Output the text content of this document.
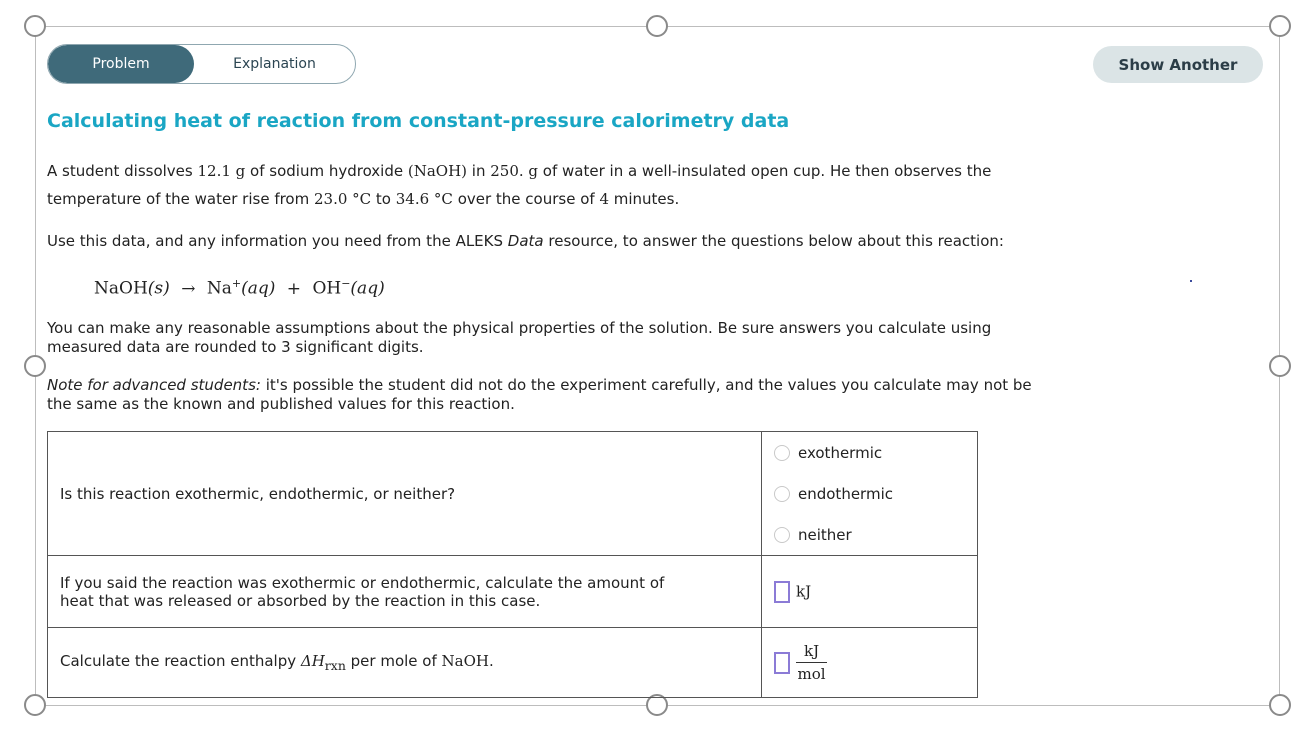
Problem	Explanation	Show Another
Calculating heat of reaction from constant-pressure calorimetry data
A student dissolves 12.1 g of sodium hydroxide (NaOH) in 250. g of water in a well-insulated open cup. He then observes the
temperature of the water rise from 23.0 °C to 34.6 °C over the course of 4 minutes.
Use this data, and any information you need from the ALEKS Data resource, to answer the questions below about this reaction:
NaOH(s) → Na+(aq) + OH−(aq)
You can make any reasonable assumptions about the physical properties of the solution. Be sure answers you calculate using
measured data are rounded to 3 significant digits.
Note for advanced students: it's possible the student did not do the experiment carefully, and the values you calculate may not be
the same as the known and published values for this reaction.
Is this reaction exothermic, endothermic, or neither?	exothermic
endothermic
neither

If you said the reaction was exothermic or endothermic, calculate the amount of
heat that was released or absorbed by the reaction in this case.	kJ
Calculate the reaction enthalpy $\Delta H_{rxn}$ per mole of NaOH.	$\frac{kJ}{\text{mol}}$
